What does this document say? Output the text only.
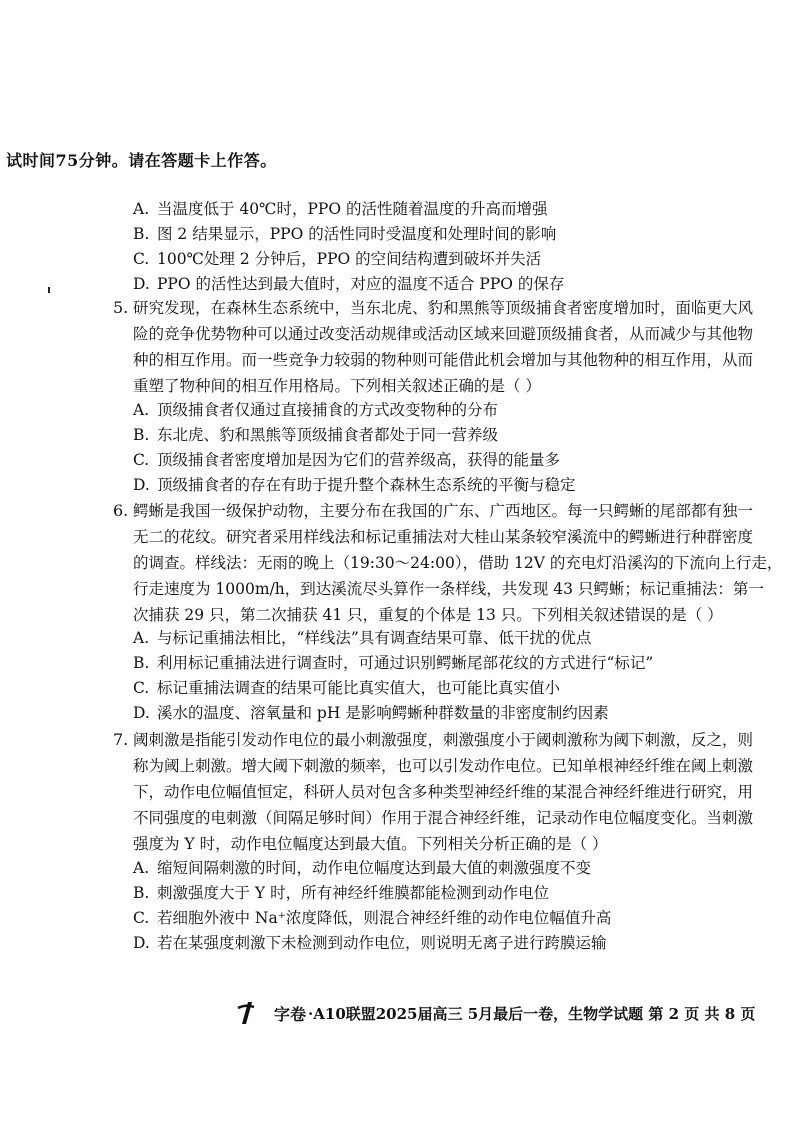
试时间75分钟。请在答题卡上作答。
A. 当温度低于 40℃时，PPO 的活性随着温度的升高而增强
B. 图 2 结果显示，PPO 的活性同时受温度和处理时间的影响
C. 100℃处理 2 分钟后，PPO 的空间结构遭到破坏并失活
D. PPO 的活性达到最大值时，对应的温度不适合 PPO 的保存
5. 研究发现，在森林生态系统中，当东北虎、豹和黑熊等顶级捕食者密度增加时，面临更大风
险的竞争优势物种可以通过改变活动规律或活动区域来回避顶级捕食者，从而减少与其他物
种的相互作用。而一些竞争力较弱的物种则可能借此机会增加与其他物种的相互作用，从而
重塑了物种间的相互作用格局。下列相关叙述正确的是（ ）
A. 顶级捕食者仅通过直接捕食的方式改变物种的分布
B. 东北虎、豹和黑熊等顶级捕食者都处于同一营养级
C. 顶级捕食者密度增加是因为它们的营养级高，获得的能量多
D. 顶级捕食者的存在有助于提升整个森林生态系统的平衡与稳定
6. 鳄蜥是我国一级保护动物，主要分布在我国的广东、广西地区。每一只鳄蜥的尾部都有独一
无二的花纹。研究者采用样线法和标记重捕法对大桂山某条较窄溪流中的鳄蜥进行种群密度
的调查。样线法：无雨的晚上（19:30～24:00），借助 12V 的充电灯沿溪沟的下流向上行走，
行走速度为 1000m/h，到达溪流尽头算作一条样线，共发现 43 只鳄蜥；标记重捕法：第一
次捕获 29 只，第二次捕获 41 只，重复的个体是 13 只。下列相关叙述错误的是（ ）
A. 与标记重捕法相比，“样线法”具有调查结果可靠、低干扰的优点
B. 利用标记重捕法进行调查时，可通过识别鳄蜥尾部花纹的方式进行“标记”
C. 标记重捕法调查的结果可能比真实值大，也可能比真实值小
D. 溪水的温度、溶氧量和 pH 是影响鳄蜥种群数量的非密度制约因素
7. 阈刺激是指能引发动作电位的最小刺激强度，刺激强度小于阈刺激称为阈下刺激，反之，则
称为阈上刺激。增大阈下刺激的频率，也可以引发动作电位。已知单根神经纤维在阈上刺激
下，动作电位幅值恒定，科研人员对包含多种类型神经纤维的某混合神经纤维进行研究，用
不同强度的电刺激（间隔足够时间）作用于混合神经纤维，记录动作电位幅度变化。当刺激
强度为 Y 时，动作电位幅度达到最大值。下列相关分析正确的是（ ）
A. 缩短间隔刺激的时间，动作电位幅度达到最大值的刺激强度不变
B. 刺激强度大于 Y 时，所有神经纤维膜都能检测到动作电位
C. 若细胞外液中 Na⁺浓度降低，则混合神经纤维的动作电位幅值升高
D. 若在某强度刺激下未检测到动作电位，则说明无离子进行跨膜运输
字卷 ·A10联盟2025届高三 5月最后一卷，生物学试题 第 2 页 共 8 页
